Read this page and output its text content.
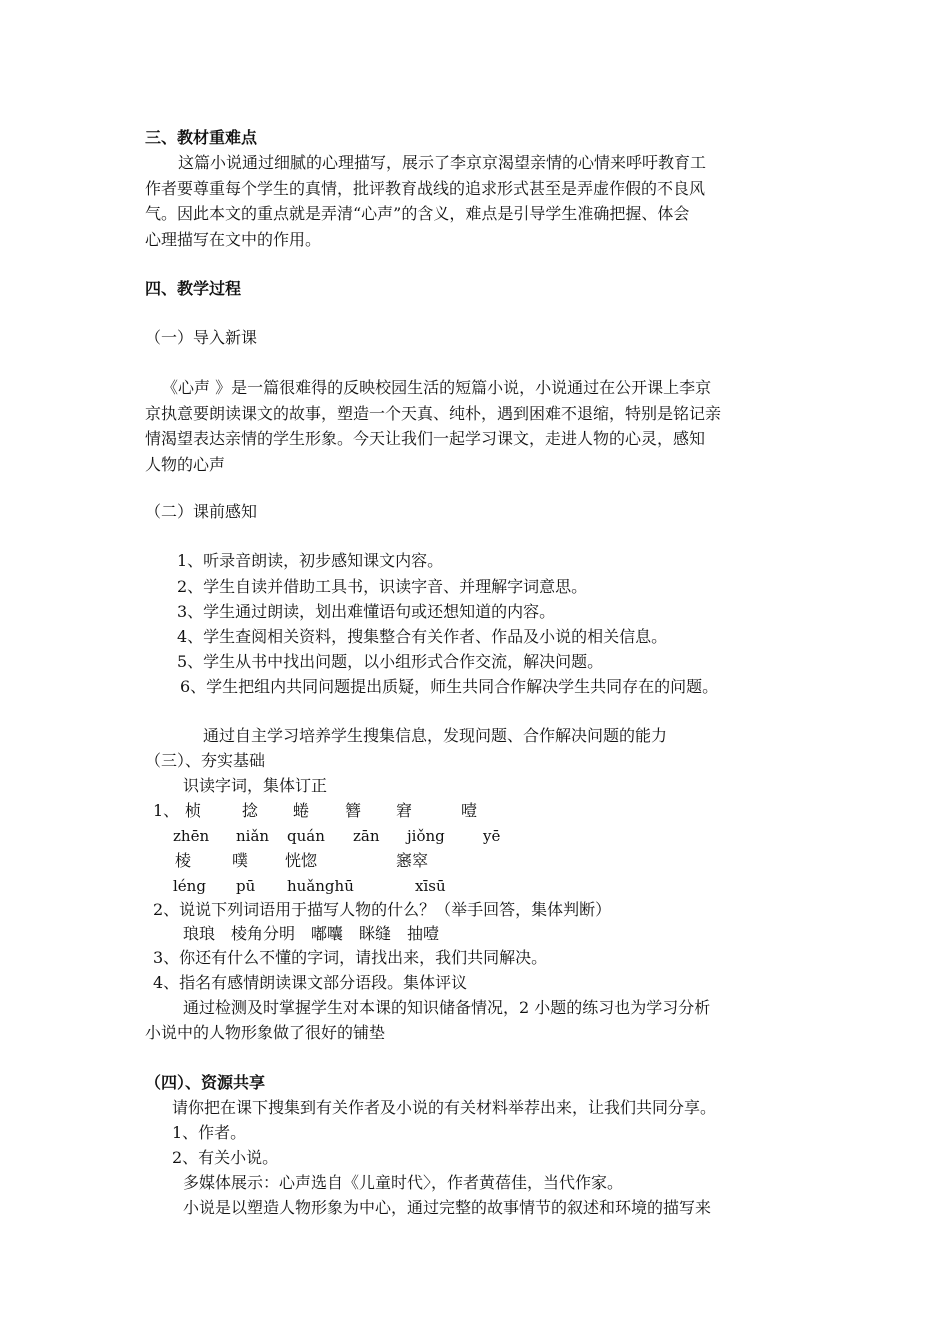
三、教材重难点
这篇小说通过细腻的心理描写，展示了李京京渴望亲情的心情来呼吁教育工
作者要尊重每个学生的真情，批评教育战线的追求形式甚至是弄虚作假的不良风
气。因此本文的重点就是弄清“心声”的含义，难点是引导学生准确把握、体会
心理描写在文中的作用。
四、教学过程
（一）导入新课
《心声 》是一篇很难得的反映校园生活的短篇小说，小说通过在公开课上李京
京执意要朗读课文的故事，塑造一个天真、纯朴，遇到困难不退缩，特别是铭记亲
情渴望表达亲情的学生形象。今天让我们一起学习课文，走进人物的心灵，感知
人物的心声
（二）课前感知
1、听录音朗读，初步感知课文内容。
2、学生自读并借助工具书，识读字音、并理解字词意思。
3、学生通过朗读，划出难懂语句或还想知道的内容。
4、学生查阅相关资料，搜集整合有关作者、作品及小说的相关信息。
5、学生从书中找出问题，以小组形式合作交流，解决问题。
6、学生把组内共同问题提出质疑，师生共同合作解决学生共同存在的问题。
通过自主学习培养学生搜集信息，发现问题、合作解决问题的能力
（三）、夯实基础
识读字词，集体订正
1、 桢	捻 蜷 簪 窘	噎
zhēn niǎn quán zān jiǒng	yē
棱	噗 恍惚	窸窣
léng pū huǎnghū	xīsū
2、说说下列词语用于描写人物的什么？（举手回答，集体判断）
琅琅　棱角分明　嘟囔　眯缝　抽噎
3、你还有什么不懂的字词，请找出来，我们共同解决。
4、指名有感情朗读课文部分语段。集体评议
通过检测及时掌握学生对本课的知识储备情况，2 小题的练习也为学习分析
小说中的人物形象做了很好的铺垫
（四）、资源共享
请你把在课下搜集到有关作者及小说的有关材料举荐出来，让我们共同分享。
1、作者。
2、有关小说。
多媒体展示：心声选自《儿童时代〉，作者黄蓓佳，当代作家。
小说是以塑造人物形象为中心，通过完整的故事情节的叙述和环境的描写来
